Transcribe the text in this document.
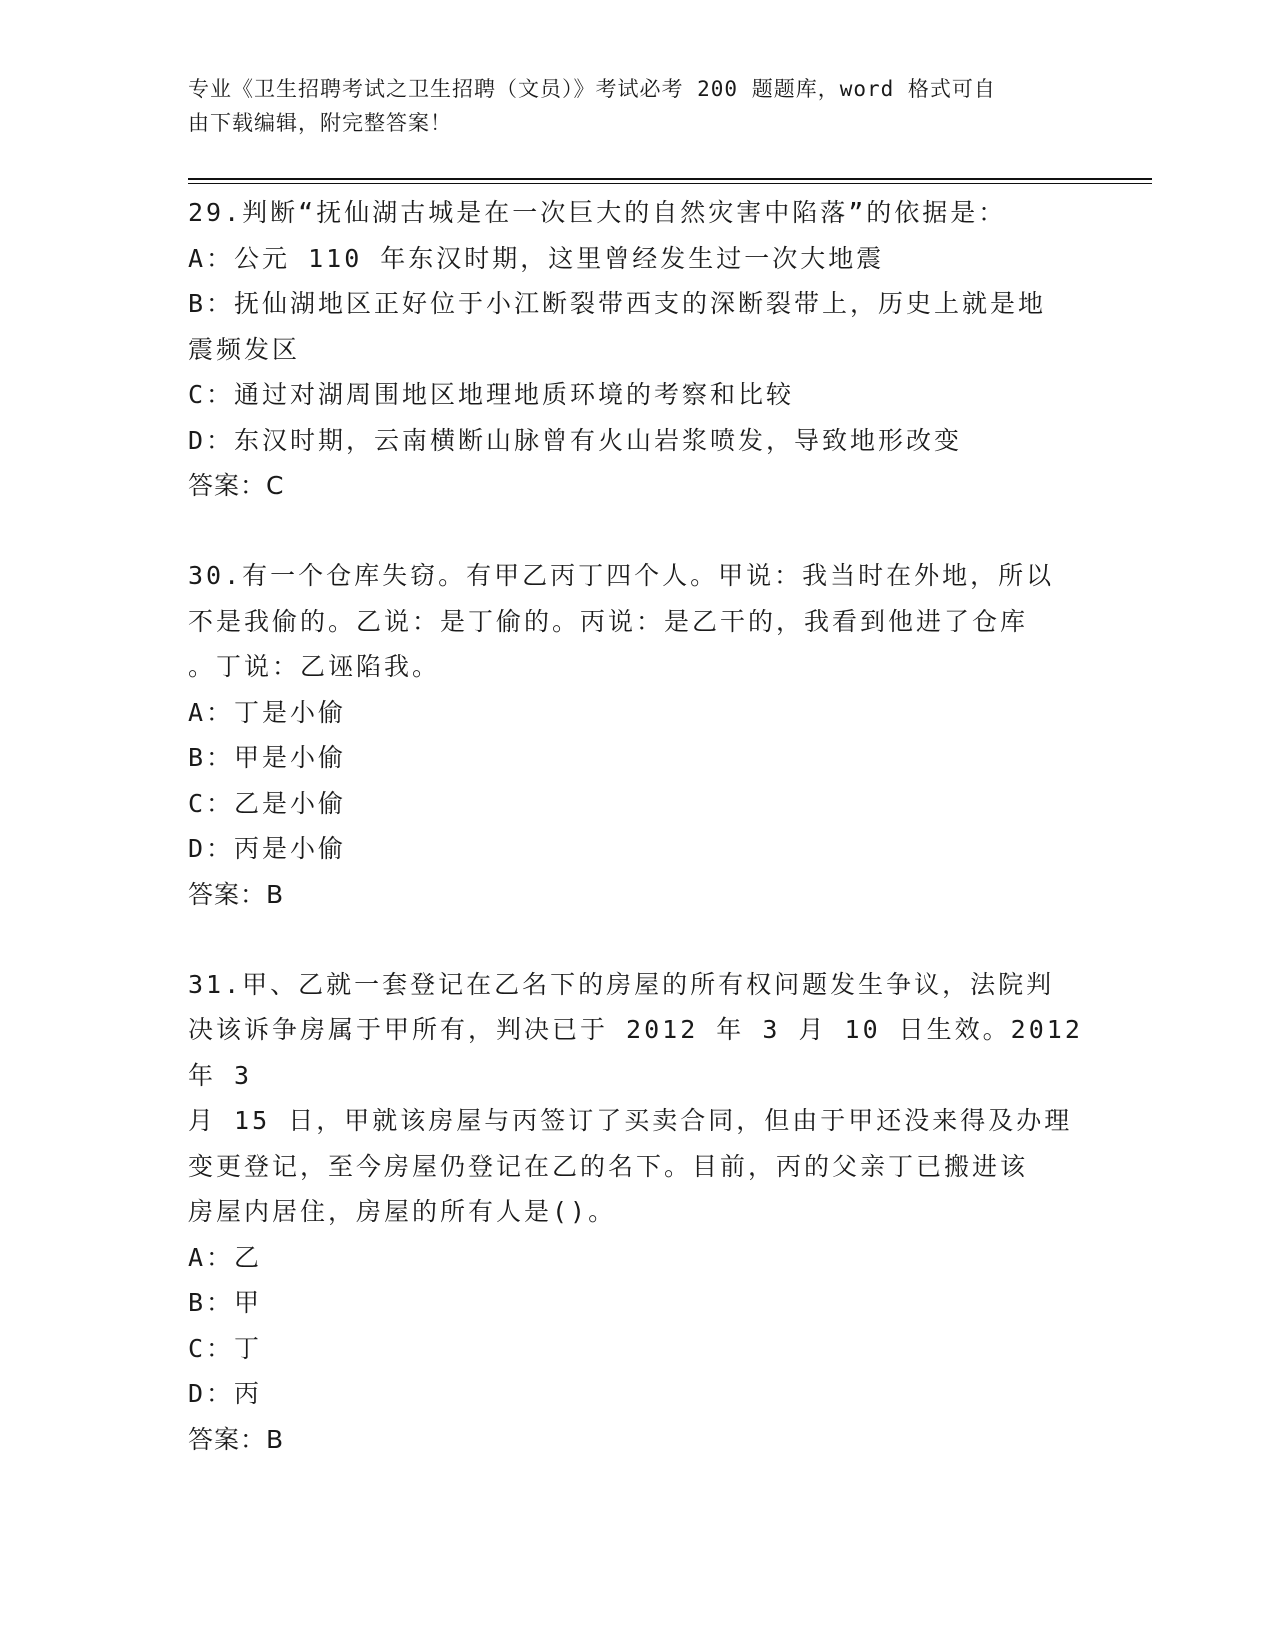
专业《卫生招聘考试之卫生招聘（文员）》考试必考 200 题题库，word 格式可自
由下载编辑，附完整答案！
29.判断“抚仙湖古城是在一次巨大的自然灾害中陷落”的依据是：
A：公元 110 年东汉时期，这里曾经发生过一次大地震
B：抚仙湖地区正好位于小江断裂带西支的深断裂带上，历史上就是地
震频发区
C：通过对湖周围地区地理地质环境的考察和比较
D：东汉时期，云南横断山脉曾有火山岩浆喷发，导致地形改变
答案：C
30.有一个仓库失窃。有甲乙丙丁四个人。甲说：我当时在外地，所以
不是我偷的。乙说：是丁偷的。丙说：是乙干的，我看到他进了仓库
。丁说：乙诬陷我。
A：丁是小偷
B：甲是小偷
C：乙是小偷
D：丙是小偷
答案：B
31.甲、乙就一套登记在乙名下的房屋的所有权问题发生争议，法院判
决该诉争房属于甲所有，判决已于 2012 年 3 月 10 日生效。2012 年 3
月 15 日，甲就该房屋与丙签订了买卖合同，但由于甲还没来得及办理
变更登记，至今房屋仍登记在乙的名下。目前，丙的父亲丁已搬进该
房屋内居住，房屋的所有人是()。
A：乙
B：甲
C：丁
D：丙
答案：B
